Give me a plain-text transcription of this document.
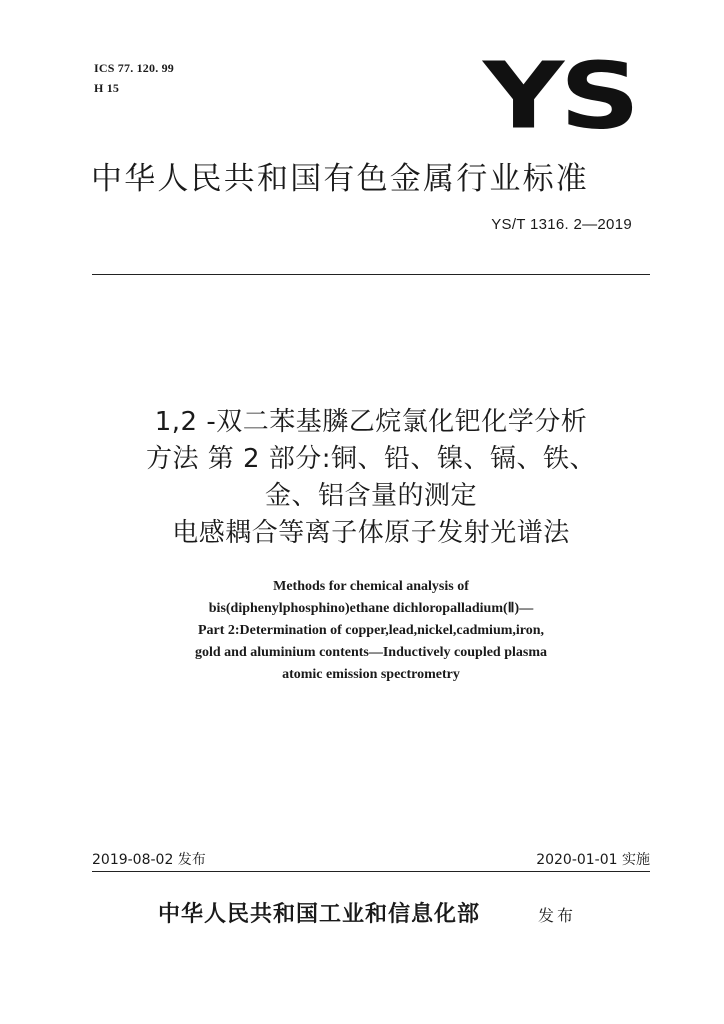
ICS 77. 120. 99
H 15	YS
中华人民共和国有色金属行业标准
YS/T 1316. 2—2019
1,2 -双二苯基膦乙烷氯化钯化学分析
方法 第 2 部分:铜、铅、镍、镉、铁、
金、铝含量的测定
电感耦合等离子体原子发射光谱法
Methods for chemical analysis of
bis(diphenylphosphino)ethane dichloropalladium(Ⅱ)—
Part 2:Determination of copper,lead,nickel,cadmium,iron,
gold and aluminium contents—Inductively coupled plasma
atomic emission spectrometry
2019-08-02 发布	2020-01-01 实施
中华人民共和国工业和信息化部	发布
